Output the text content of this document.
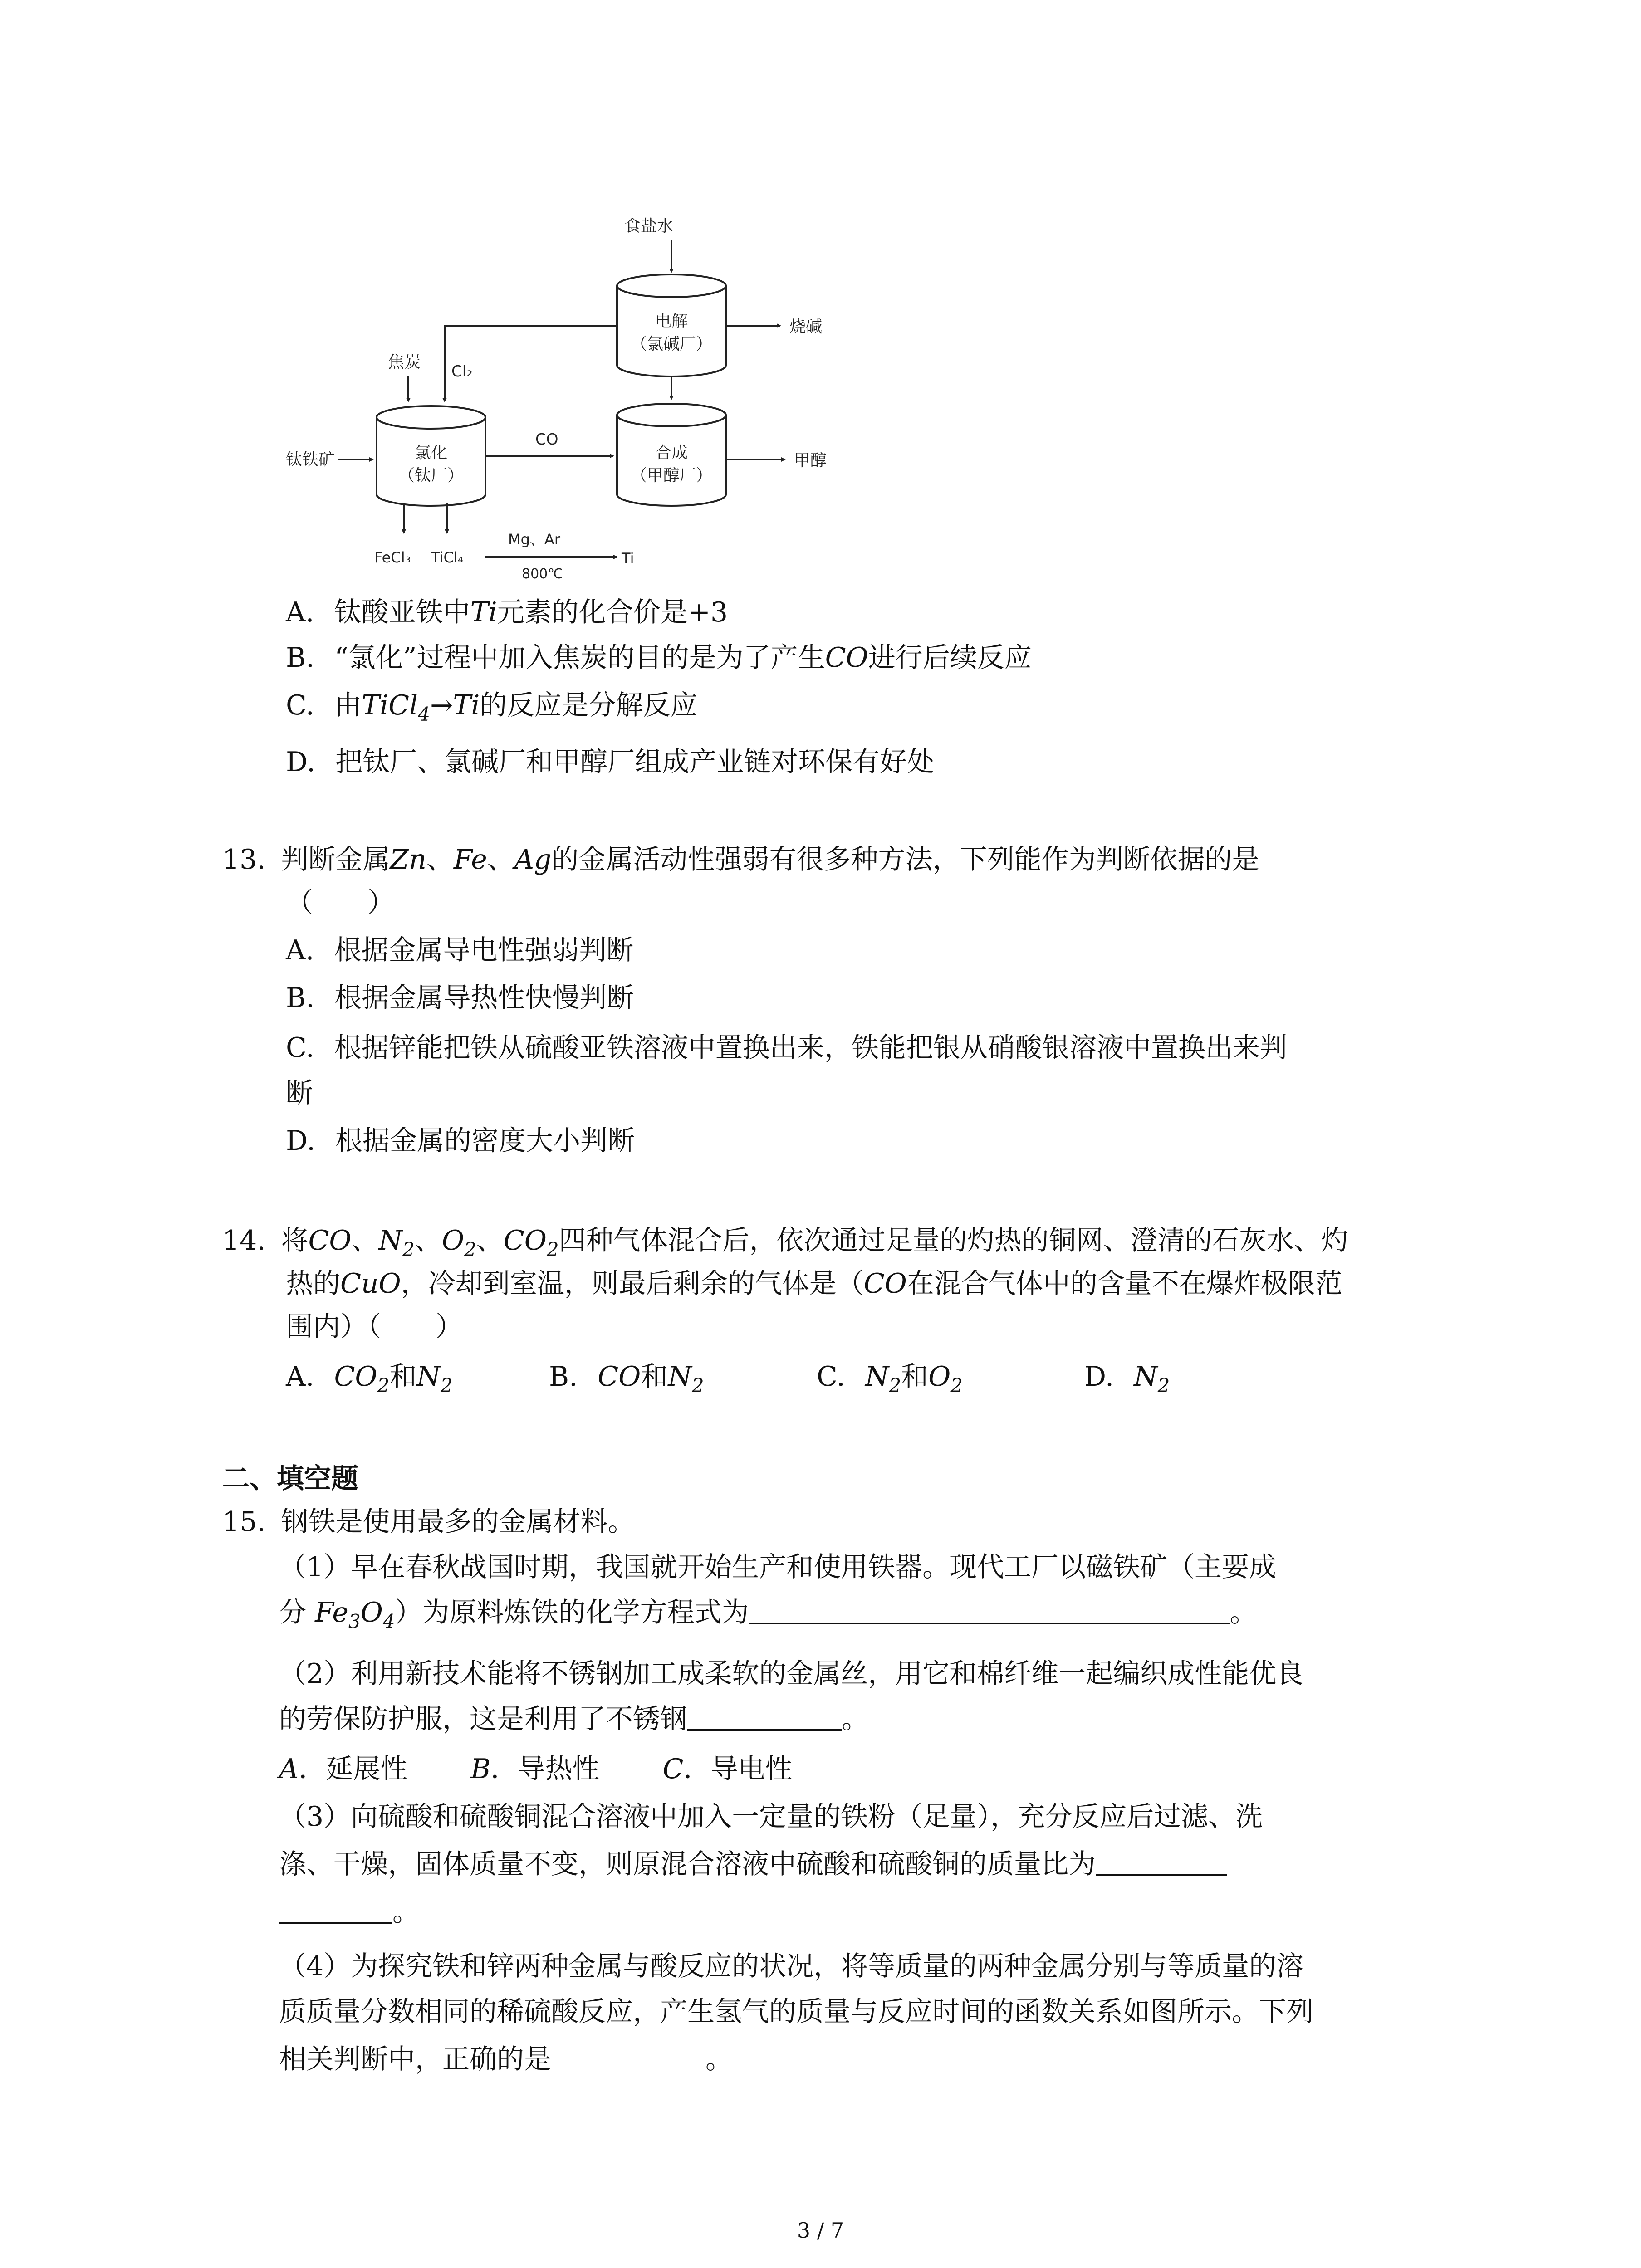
食盐水
电解
（氯碱厂）
烧碱
Cl₂
焦炭
氯化
（钛厂）
钛铁矿
CO
合成
（甲醇厂）
甲醇
FeCl₃ TiCl₄
Mg、Ar
800℃
Ti
A. 钛酸亚铁中Ti元素的化合价是+3
B. “氯化”过程中加入焦炭的目的是为了产生CO进行后续反应
C. 由TiCl$_4$→Ti的反应是分解反应
D. 把钛厂、氯碱厂和甲醇厂组成产业链对环保有好处
13. 判断金属Zn、Fe、Ag的金属活动性强弱有很多种方法，下列能作为判断依据的是
（　　）
A. 根据金属导电性强弱判断
B. 根据金属导热性快慢判断
C. 根据锌能把铁从硫酸亚铁溶液中置换出来，铁能把银从硝酸银溶液中置换出来判
断
D. 根据金属的密度大小判断
14. 将CO、$N_2$、$O_2$、$CO_2$四种气体混合后，依次通过足量的灼热的铜网、澄清的石灰水、灼
热的CuO，冷却到室温，则最后剩余的气体是（CO在混合气体中的含量不在爆炸极限范
围内）（　　）
A. $CO_2$和$N_2$	B. CO和$N_2$	C. $N_2$和$O_2$	D. $N_2$
二、填空题
15. 钢铁是使用最多的金属材料。
（1）早在春秋战国时期，我国就开始生产和使用铁器。现代工厂以磁铁矿（主要成
分 $Fe_3O_4$）为原料炼铁的化学方程式为	。
（2）利用新技术能将不锈钢加工成柔软的金属丝，用它和棉纤维一起编织成性能优良
的劳保防护服，这是利用了不锈钢	。
A．延展性 B．导热性 C．导电性
（3）向硫酸和硫酸铜混合溶液中加入一定量的铁粉（足量），充分反应后过滤、洗
涤、干燥，固体质量不变，则原混合溶液中硫酸和硫酸铜的质量比为
。
（4）为探究铁和锌两种金属与酸反应的状况，将等质量的两种金属分别与等质量的溶
质质量分数相同的稀硫酸反应，产生氢气的质量与反应时间的函数关系如图所示。下列
相关判断中，正确的是	。
3 / 7
